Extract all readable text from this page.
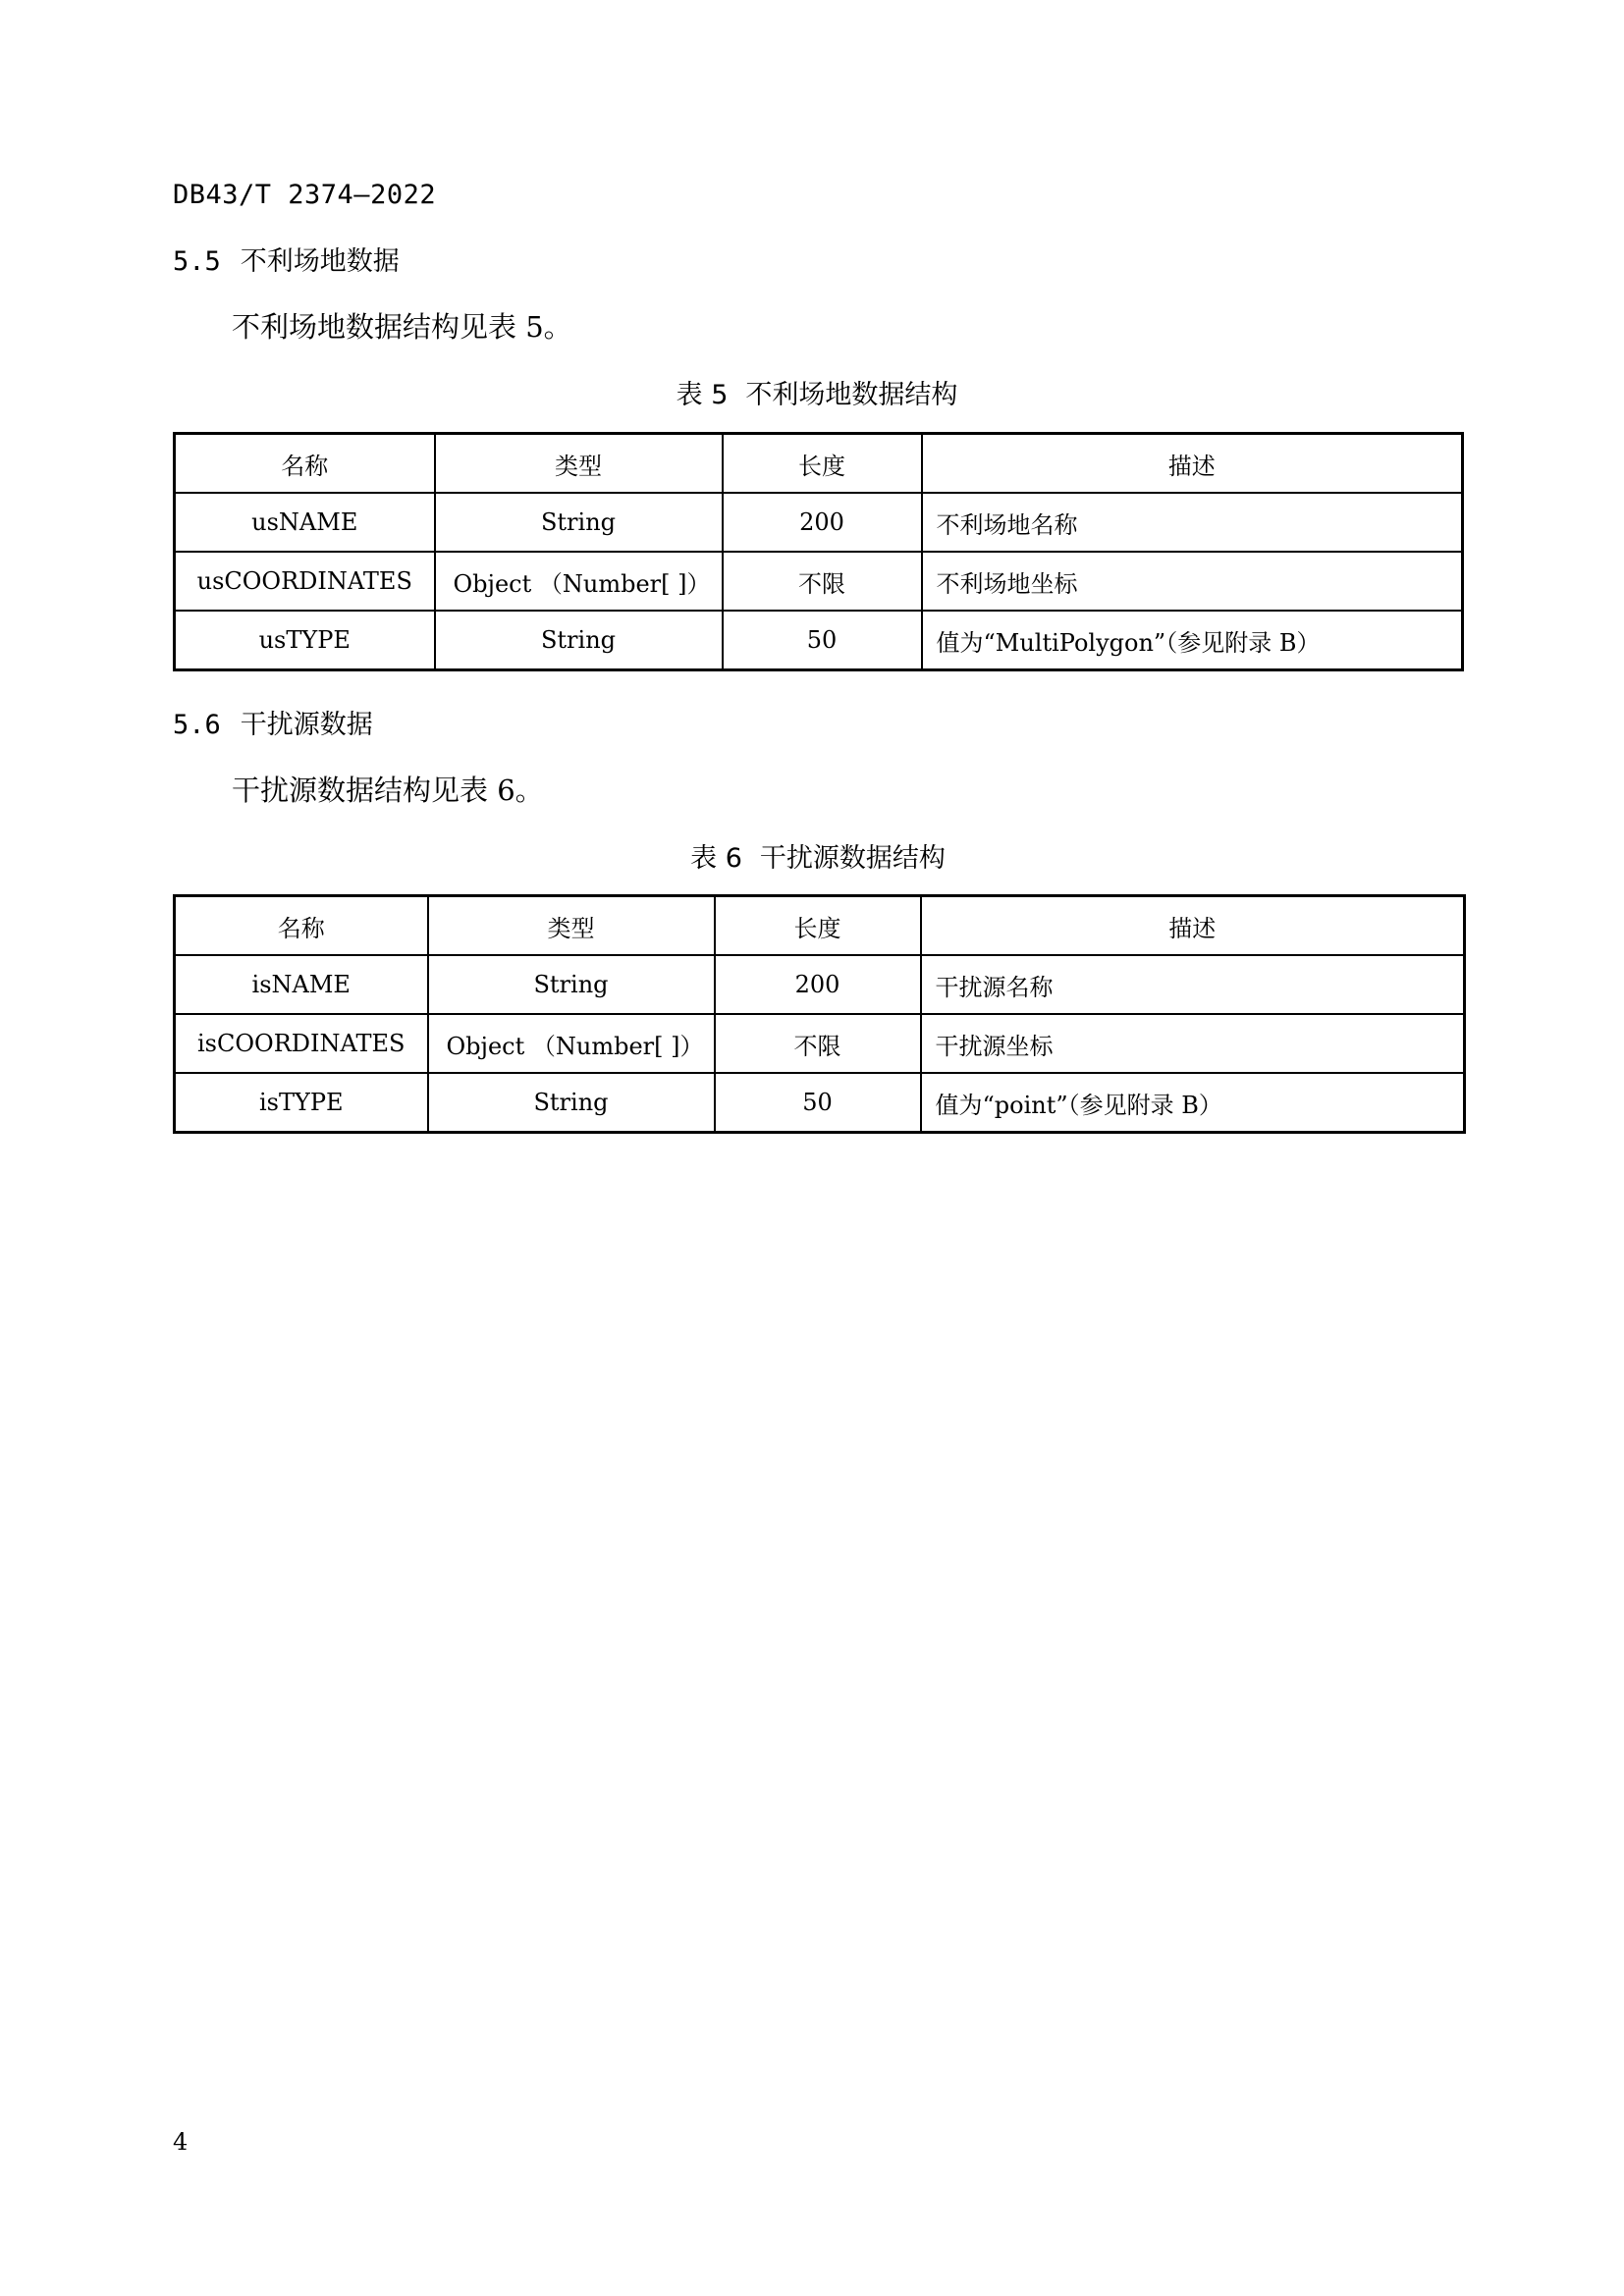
DB43/T 2374—2022
5.5 不利场地数据
不利场地数据结构见表 5。
表 5 不利场地数据结构
名称	类型	长度	描述
usNAME	String	200	不利场地名称
usCOORDINATES	Object （Number[ ]）	不限	不利场地坐标
usTYPE	String	50	值为“MultiPolygon”（参见附录 B）
5.6 干扰源数据
干扰源数据结构见表 6。
表 6 干扰源数据结构
名称	类型	长度	描述
isNAME	String	200	干扰源名称
isCOORDINATES	Object （Number[ ]）	不限	干扰源坐标
isTYPE	String	50	值为“point”（参见附录 B）
4
